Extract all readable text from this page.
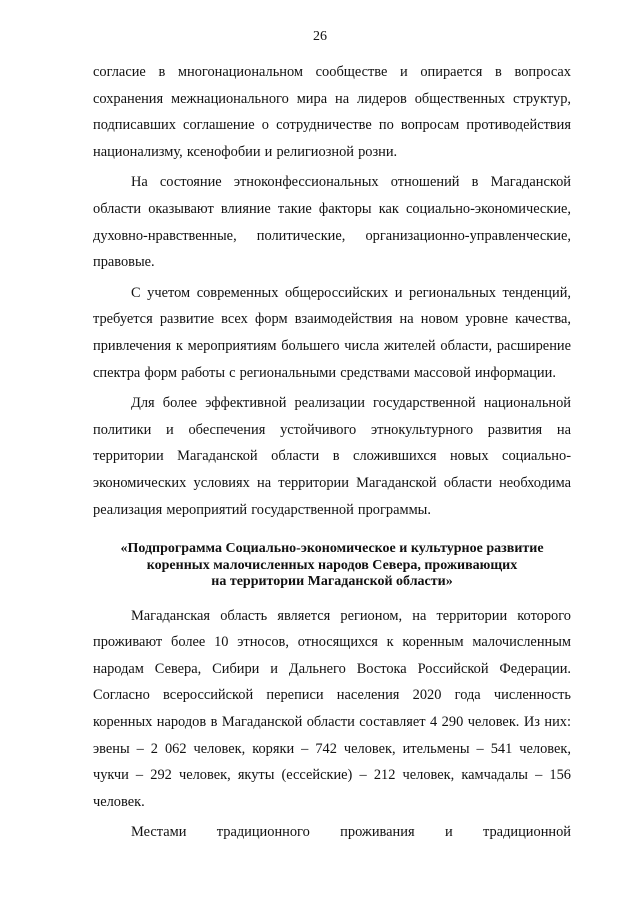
26

согласие в многонациональном сообществе и опирается в вопросах сохранения межнационального мира на лидеров общественных структур, подписавших соглашение о сотрудничестве по вопросам противодействия национализму, ксенофобии и религиозной розни.

На состояние этноконфессиональных отношений в Магаданской области оказывают влияние такие факторы как социально-экономические, духовно-нравственные, политические, организационно-управленческие, правовые.

С учетом современных общероссийских и региональных тенденций, требуется развитие всех форм взаимодействия на новом уровне качества, привлечения к мероприятиям большего числа жителей области, расширение спектра форм работы с региональными средствами массовой информации.

Для более эффективной реализации государственной национальной политики и обеспечения устойчивого этнокультурного развития на территории Магаданской области в сложившихся новых социально-экономических условиях на территории Магаданской области необходима реализация мероприятий государственной программы.

«Подпрограмма Социально-экономическое и культурное развитие
коренных малочисленных народов Севера, проживающих
на территории Магаданской области»

Магаданская область является регионом, на территории которого проживают более 10 этносов, относящихся к коренным малочисленным народам Севера, Сибири и Дальнего Востока Российской Федерации. Согласно всероссийской переписи населения 2020 года численность коренных народов в Магаданской области составляет 4 290 человек. Из них: эвены – 2 062 человек, коряки – 742 человек, ительмены – 541 человек, чукчи – 292 человек, якуты (ессейские) – 212 человек, камчадалы – 156 человек.

Местами традиционного проживания и традиционной
